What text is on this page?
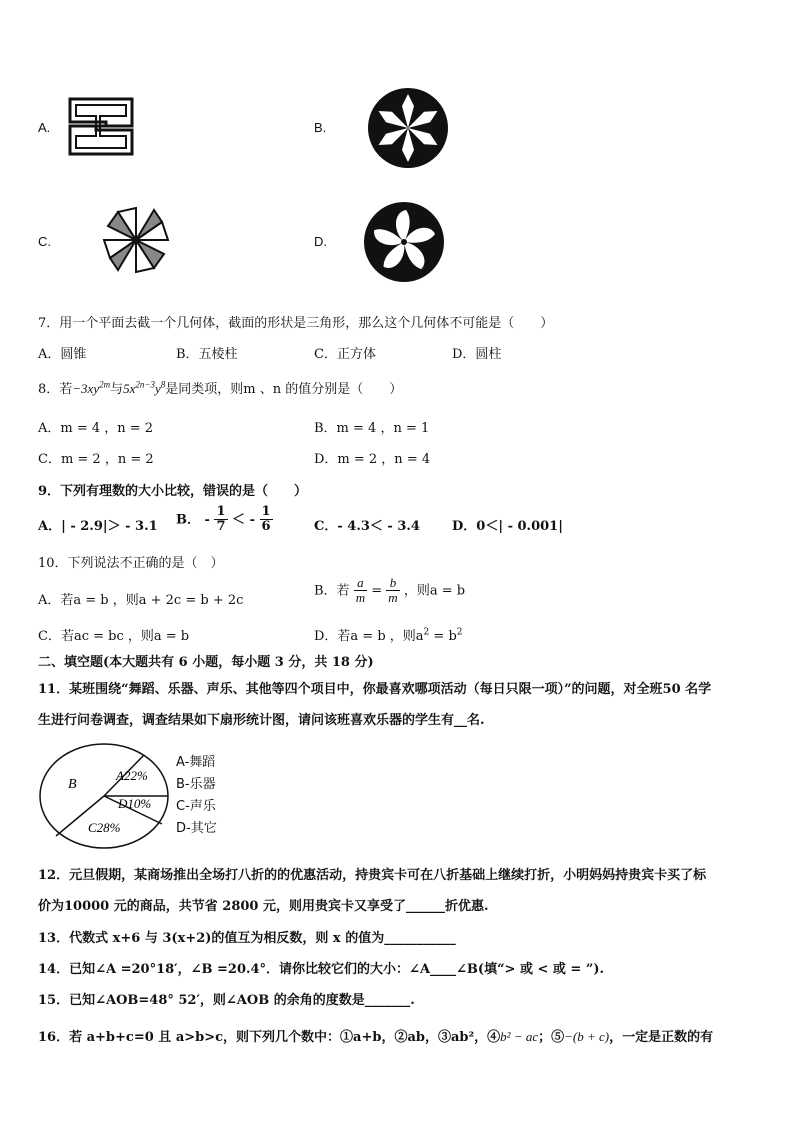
A.	B.
C.	D.
7．用一个平面去截一个几何体，截面的形状是三角形，那么这个几何体不可能是（　　）
A．圆锥	B．五棱柱	C．正方体	D．圆柱
8．若$-3xy^{2m}$与$5x^{2n-3}y^8$是同类项，则m 、n 的值分别是（　　）
A．m = 4 ，n = 2	B．m = 4 ，n = 1
C．m = 2 ，n = 2	D．m = 2 ，n = 4
9．下列有理数的大小比较，错误的是（　　）
A．| - 2.9|＞ - 3.1 B． - $\frac{1}{7}$ ＜ - $\frac{1}{6}$	C．- 4.3＜ - 3.4 D．0＜| - 0.001|
10．下列说法不正确的是（　）
A．若a = b ，则a + 2c = b + 2c
B．若 $\frac{a}{m} = \frac{b}{m}$ ，则a = b
C．若ac = bc ，则a = b	D．若a = b ，则$a^2 = b^2$
二、填空题(本大题共有 6 小题，每小题 3 分，共 18 分)
11．某班围绕“舞蹈、乐器、声乐、其他等四个项目中，你最喜欢哪项活动（每日只限一项）”的问题，对全班50 名学
生进行问卷调查，调查结果如下扇形统计图，请问该班喜欢乐器的学生有__名.
B
A22%
D10%
C28%
A-舞蹈
B-乐器
C-声乐
D-其它
12．元旦假期，某商场推出全场打八折的的优惠活动，持贵宾卡可在八折基础上继续打折，小明妈妈持贵宾卡买了标
价为10000 元的商品，共节省 2800 元，则用贵宾卡又享受了______折优惠.
13．代数式 x+6 与 3(x+2)的值互为相反数，则 x 的值为___________
14．已知∠A =20°18′，∠B =20.4°．请你比较它们的大小：∠A____∠B(填“> 或 < 或 = ”).
15．已知∠AOB=48° 52′，则∠AOB 的余角的度数是_______.
16．若 a+b+c=0 且 a>b>c，则下列几个数中：①a+b，②ab，③ab²，④b² − ac；⑤−(b + c)，一定是正数的有
